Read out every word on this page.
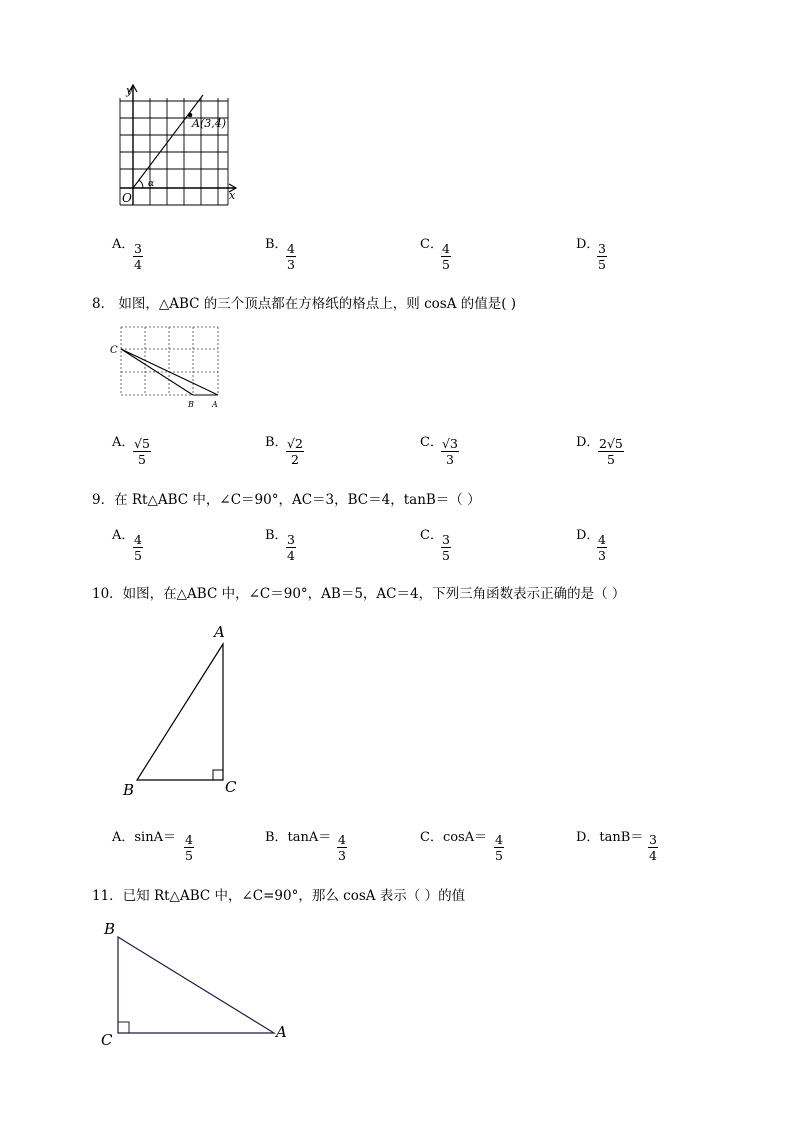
y
x
O
A(3,4)
α
A． 3
4
B． 4
3
C． 4
5
D．
3
5
8． 如图，△ABC 的三个顶点都在方格纸的格点上，则 cosA 的值是( )
C
B A
A． √5
5
B． √2
2
C． √3
3
D． 2√5
5
9．在 Rt△ABC 中，∠C＝90°，AC＝3，BC＝4，tanB＝（ ）
A． 4
5
B． 3
4
C． 3
5
D．
4
3
10．如图，在△ABC 中，∠C＝90°，AB＝5，AC＝4，下列三角函数表示正确的是（ ）
A
B	C
A．sinA＝ 4
5
B．tanA＝ 4
3
C．cosA＝ 4
5
D．tanB＝ 3
4
11．已知 Rt△ABC 中，∠C=90°，那么 cosA 表示（ ）的值
B
C	A
